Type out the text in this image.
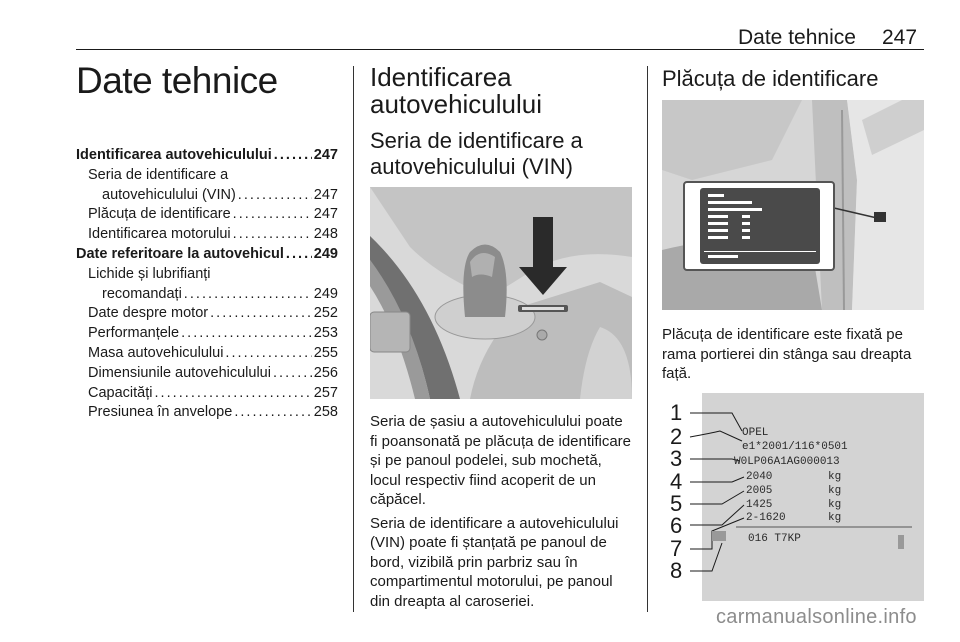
Date tehnice 247
Date tehnice
Identificarea autovehiculului . . .	247
Seria de identificare a
autovehiculului (VIN) . . .	247
Plăcuța de identificare . . .	247
Identificarea motorului . . .	248
Date referitoare la autovehicul . . . 249
Lichide și lubrifianți
recomandați . . .	249
Date despre motor . . .	252
Performanțele . . .	253
Masa autovehiculului . . .	255
Dimensiunile autovehiculului . . .	256
Capacități . . .	257
Presiunea în anvelope . . .	258
Identificarea
autovehiculului
Seria de identificare a
autovehiculului (VIN)

Seria de șasiu a autovehiculului poate fi poansonată pe plăcuța de identificare și pe panoul podelei, sub mochetă, locul respectiv fiind acoperit de un căpăcel.

Seria de identificare a autovehiculului (VIN) poate fi ștanțată pe panoul de bord, vizibilă prin parbriz sau în compartimentul motorului, pe panoul din dreapta al caroseriei.

Plăcuța de identificare
Plăcuța de identificare este fixată pe rama portierei din stânga sau dreapta față.
1
2
3
4
5
6
7
8
OPEL
e1*2001/116*0501
W0LP06A1AG000013
2040
2005
1425
2-1620
kg
kg
kg
kg
016 T7KP
carmanualsonline.info
